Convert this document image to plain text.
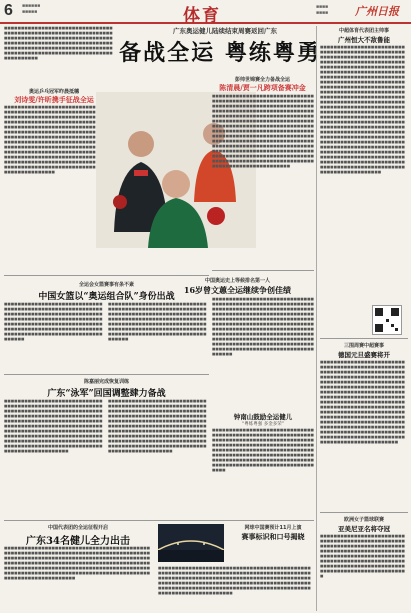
6 ■■■■■■
■■■■■	体育	■■■■
■■■■ 广州日报
■■■■■■■■■■■■■■■■■■■■■■■■■■■■■■■■■■■■■■■■■■■■■■■■■■■■■■■■■■■■■■■■■■■■■■■■■■■■■■■■■■■■■■■■■■■■■■■■■■■■■■■■■■■■■■■■■■■■■■■■■■■■■■■■■■■■■■■■■■■■■■■■■■■■■■■■■■■■■■■■■■■■■■■■■■■■■■■■■■■■■■■■■■■■■■■■■■■■■■■■■■
广东奥运健儿陆续结束周赛返回广东
备战全运 粤练粤勇
奥运乒乓冠军昨晨抵穗
刘诗雯/许昕携手征战全运
彭帅世锦赛全力备战全运
陈清晨/贾一凡跨项备赛冲金
■■■■■■■■■■■■■■■■■■■■■■■■■■■■■■■■■■■■■■■■■■■■■■■■■■■■■■■■■■■■■■■■■■■■■■■■■■■■■■■■■■■■■■■■■■■■■■■■■■■■■■■■■■■■■■■■■■■■■■■■■■■■■■■■■■■■■■■■■■■■■■■■■■■■■■■■■■■■■■■■■■■■■■■■■■■■■■■■■■■■■■■■■■■■■■■■■■■■■■■■■■■■■■■■■■■■■■■■■■■■■■■■■■■■■■■■■■■■■■■■■■■■■■■■■■■■■■■■■■■■■■■■■■■■■■■■■■■■■■■■■■■■■■■■■■■■■■■■■■■■■■■■■■■■■■■■■■■■■■■■■■■■■■■■■■■■■■■■■■■■■■■■■■■■■■■■■■■■■■■■■■■■■■
■■■■■■■■■■■■■■■■■■■■■■■■■■■■■■■■■■■■■■■■■■■■■■■■■■■■■■■■■■■■■■■■■■■■■■■■■■■■■■■■■■■■■■■■■■■■■■■■■■■■■■■■■■■■■■■■■■■■■■■■■■■■■■■■■■■■■■■■■■■■■■■■■■■■■■■■■■■■■■■■■■■■■■■■■■■■■■■■■■■■■■■■■■■■■■■■■■■■■■■■■■■■■■■■■■■■■■■■■■■■■■■■■■■■■■■■■■■■■■■■■■■■■■■■■■■■■■■■■■■■■■■■■■■■■■■■■■■■■■■■■■■■■■■■■■■■■■■■■■■■■■■■■■■■■■■■■■■■■■■■■■■■■■■■■■■■■■■■■■■■■■■■■■■■■■■■■■■■■■■■■■■■■■■■■■■■■■■■■■■■■■■■■■■■■■■■■■■■■■■■■■■■■■■■■■■■■■■■■■■■■■■■■■■■■■■■■■■■■■■■■■■
中超体育代表团主帅事
广州恒大不敌鲁能
■■■■■■■■■■■■■■■■■■■■■■■■■■■■■■■■■■■■■■■■■■■■■■■■■■■■■■■■■■■■■■■■■■■■■■■■■■■■■■■■■■■■■■■■■■■■■■■■■■■■■■■■■■■■■■■■■■■■■■■■■■■■■■■■■■■■■■■■■■■■■■■■■■■■■■■■■■■■■■■■■■■■■■■■■■■■■■■■■■■■■■■■■■■■■■■■■■■■■■■■■■■■■■■■■■■■■■■■■■■■■■■■■■■■■■■■■■■■■■■■■■■■■■■■■■■■■■■■■■■■■■■■■■■■■■■■■■■■■■■■■■■■■■■■■■■■■■■■■■■■■■■■■■■■■■■■■■■■■■■■■■■■■■■■■■■■■■■■■■■■■■■■■■■■■■■■■■■■■■■■■■■■■■■■■■■■■■■■■■■■■■■■■■■■■■■■■■■■■■■■■■■■■■■■■■■■■■■■■■■■■■■■■■■■■■■■■■■■■■■■■■■■■■■■■■■■■■■■■■■■■■■■■■■■■■■■■■■■■■■■■■■■■■■■■■■■■■■■■■■■■■■■■■■■■■■■■■■■■■■■■■■■■■■■■■■■■■■■■■■■■■■■■■■■■■■■■■■■■■■■■■■■■■■■■■■■■■■■■■■■■■■■■■■■■■■■■■■■■■■■■■■■■■■■■■■■■■■■■■■■■■■■■■■■■■■■■■■■■■■■■■■
三围周赛中超赛事
德国元旦盛赛将开
■■■■■■■■■■■■■■■■■■■■■■■■■■■■■■■■■■■■■■■■■■■■■■■■■■■■■■■■■■■■■■■■■■■■■■■■■■■■■■■■■■■■■■■■■■■■■■■■■■■■■■■■■■■■■■■■■■■■■■■■■■■■■■■■■■■■■■■■■■■■■■■■■■■■■■■■■■■■■■■■■■■■■■■■■■■■■■■■■■■■■■■■■■■■■■■■■■■■■■■■■■■■■■■■■■■■■■■■■■■■■■■■■■■■■■■■■■■■■■■■■■■■■■■■■■■■■■■■■■■■■■■■■■■■■■■■■■■■■■■■■■■■■■■■■■■■■■■■■■■■■■■■■■■■■■■■■■■■■■■■■■■■■■■■■■■■■■■■■■■■■■■■■■■■■■■■■■■■■■■■■■■■■■■■■■■■■■■■■■■■■■■■■■■■■■■■■■■■■■■■■■■■■■■■■■■■■■■■■■■■■■■
欧洲女子篮球联赛
亚美尼亚名将夺冠
■■■■■■■■■■■■■■■■■■■■■■■■■■■■■■■■■■■■■■■■■■■■■■■■■■■■■■■■■■■■■■■■■■■■■■■■■■■■■■■■■■■■■■■■■■■■■■■■■■■■■■■■■■■■■■■■■■■■■■■■■■■■■■■■■■■■■■■■■■■■■■■■■■■■■■■■■■■■■■■■■■■■■■■■■■■■■■■■■■■■■■■■■■■■■■■■■■■■■■■■■
全运会女篮赛事有条不紊
中国女篮以“奥运组合队”身份出战
■■■■■■■■■■■■■■■■■■■■■■■■■■■■■■■■■■■■■■■■■■■■■■■■■■■■■■■■■■■■■■■■■■■■■■■■■■■■■■■■■■■■■■■■■■■■■■■■■■■■■■■■■■■■■■■■■■■■■■■■■■■■■■■■■■■■■■■■■■■■■■■■■■■■■■■■■■■■■■■■■■■■■■■■■■■■■■■■■■■■■■■■■■■■■■■■■■■■■■■■■■■■■■■■■
■■■■■■■■■■■■■■■■■■■■■■■■■■■■■■■■■■■■■■■■■■■■■■■■■■■■■■■■■■■■■■■■■■■■■■■■■■■■■■■■■■■■■■■■■■■■■■■■■■■■■■■■■■■■■■■■■■■■■■■■■■■■■■■■■■■■■■■■■■■■■■■■■■■■■■■■■■■■■■■■■■■■■■■■■■■■■■■■■■■■■■■■■■■■■■■■■■■■■■■■■■■■■■■■■
陈嘉丽完成恢复训练
广东“泳军”回国调整肆力备战
■■■■■■■■■■■■■■■■■■■■■■■■■■■■■■■■■■■■■■■■■■■■■■■■■■■■■■■■■■■■■■■■■■■■■■■■■■■■■■■■■■■■■■■■■■■■■■■■■■■■■■■■■■■■■■■■■■■■■■■■■■■■■■■■■■■■■■■■■■■■■■■■■■■■■■■■■■■■■■■■■■■■■■■■■■■■■■■■■■■■■■■■■■■■■■■■■■■■■■■■■■■■■■■■■■■■■■■■■■■■■■■■■■■■■■■■■■■■■■■■■■■■■■■■■■■■■■■■■■■■■■■■■■■■■■■■■■■■■■■■■■■■■■■■■■■■■■■■■■■■■■■■■■■■■
■■■■■■■■■■■■■■■■■■■■■■■■■■■■■■■■■■■■■■■■■■■■■■■■■■■■■■■■■■■■■■■■■■■■■■■■■■■■■■■■■■■■■■■■■■■■■■■■■■■■■■■■■■■■■■■■■■■■■■■■■■■■■■■■■■■■■■■■■■■■■■■■■■■■■■■■■■■■■■■■■■■■■■■■■■■■■■■■■■■■■■■■■■■■■■■■■■■■■■■■■■■■■■■■■■■■■■■■■■■■■■■■■■■■■■■■■■■■■■■■■■■■■■■■■■■■■■■■■■■■■■■■■■■■■■■■■■■■■■■■■■■■■■■■■■■■■■■■■■■■■■■■■■■■■
中国奥运史上等候排名第一人
16岁曾文蕙全运继续争创佳绩
■■■■■■■■■■■■■■■■■■■■■■■■■■■■■■■■■■■■■■■■■■■■■■■■■■■■■■■■■■■■■■■■■■■■■■■■■■■■■■■■■■■■■■■■■■■■■■■■■■■■■■■■■■■■■■■■■■■■■■■■■■■■■■■■■■■■■■■■■■■■■■■■■■■■■■■■■■■■■■■■■■■■■■■■■■■■■■■■■■■■■■■■■■■■■■■■■■■■■■■■■■■■■■■■■■■■■■■■■■■■■■■■■■■■■■■■■■■■■■■■■■■■■■■■■■■■■■■■■■■■■■■■■■■■■■■■■■■■■■■■■■■■■■■■■■■■■■■■■■■■■■■■■■■■■■■■■■■■■■■■■■■■■■■■■■■■■■■■
钟南山鼓励全运健儿
“粤练粤强 多金多荣”
■■■■■■■■■■■■■■■■■■■■■■■■■■■■■■■■■■■■■■■■■■■■■■■■■■■■■■■■■■■■■■■■■■■■■■■■■■■■■■■■■■■■■■■■■■■■■■■■■■■■■■■■■■■■■■■■■■■■■■■■■■■■■■■■■■■■■■■■■■■■■■■■■■■■■■■■■■■■■■■■■■■■■■■■■■■■■■■■■■■■■■■■■■■■■■■■■■■■■■■■■■■■■■■■■■■■■■■■■■■■■■■■■■■■■■■■■■■■■■■■■■■■
中国代表团的全运征程开启
广东34名健儿全力出击
■■■■■■■■■■■■■■■■■■■■■■■■■■■■■■■■■■■■■■■■■■■■■■■■■■■■■■■■■■■■■■■■■■■■■■■■■■■■■■■■■■■■■■■■■■■■■■■■■■■■■■■■■■■■■■■■■■■■■■■■■■■■■■■■■■■■■■■■■■■■■■■■■■■■■■■■■■■■■■■■■■■■■■■■■■■■■■■■■■■■■■■■■■■■■■■■■■■■■■■■■■■■■■■■■■■■■■■■■■■■■■■■■■■■■■■■■■■■■■■■■■■■■■■■■■■■■■■■■■■■■■■■■■■■■■■■■■■■■■■
网球中国赛预计11月上演
赛事标识和口号揭晓
■■■■■■■■■■■■■■■■■■■■■■■■■■■■■■■■■■■■■■■■■■■■■■■■■■■■■■■■■■■■■■■■■■■■■■■■■■■■■■■■■■■■■■■■■■■■■■■■■■■■■■■■■■■■■■■■■■■■■■■■■■■■■■■■■■■■■■■■■■■■■■■■■■■■■■■■■■■■■■■■■■■■■■■■■■■■■■■■■■■■■■■■■■■■■■■■■■■■■■■■■■■■■■■■■■■■■■■■■■■■■■■■■■■■■■■■■■■■■■■■■■■■■■■
